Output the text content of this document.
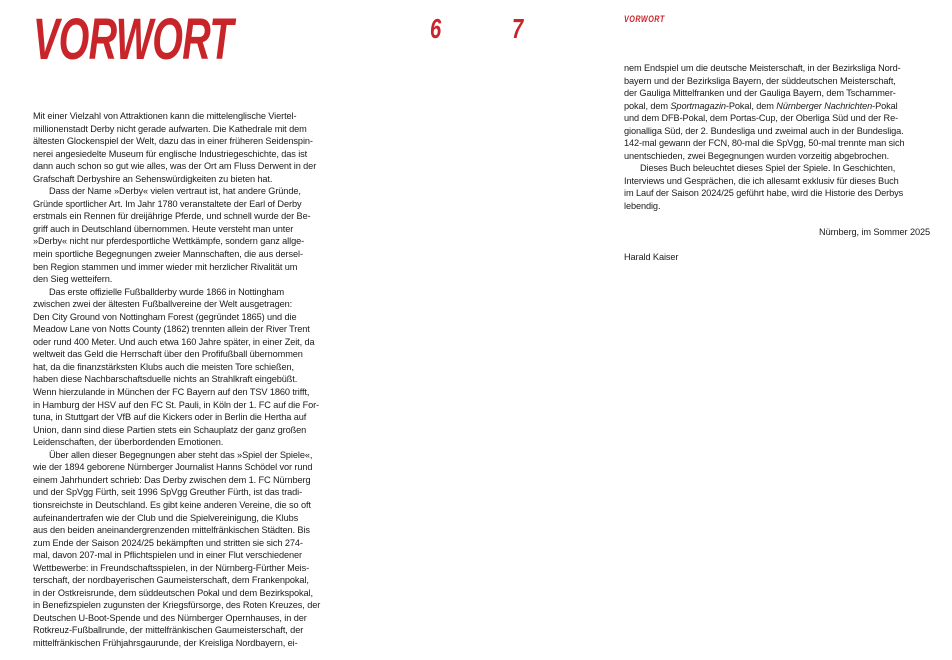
VORWORT	6	7	VORWORT

Mit einer Vielzahl von Attraktionen kann die mittelenglische Viertel-

millionenstadt Derby nicht gerade aufwarten. Die Kathedrale mit dem

ältesten Glockenspiel der Welt, dazu das in einer früheren Seidenspin-

nerei angesiedelte Museum für englische Industriegeschichte, das ist

dann auch schon so gut wie alles, was der Ort am Fluss Derwent in der

Grafschaft Derbyshire an Sehenswürdigkeiten zu bieten hat.

Dass der Name »Derby« vielen vertraut ist, hat andere Gründe,

Gründe sportlicher Art. Im Jahr 1780 veranstaltete der Earl of Derby

erstmals ein Rennen für dreijährige Pferde, und schnell wurde der Be-

griff auch in Deutschland übernommen. Heute versteht man unter

»Derby« nicht nur pferdesportliche Wettkämpfe, sondern ganz allge-

mein sportliche Begegnungen zweier Mannschaften, die aus dersel-

ben Region stammen und immer wieder mit herzlicher Rivalität um

den Sieg wetteifern.

Das erste offizielle Fußballderby wurde 1866 in Nottingham

zwischen zwei der ältesten Fußballvereine der Welt ausgetragen:

Den City Ground von Nottingham Forest (gegründet 1865) und die

Meadow Lane von Notts County (1862) trennten allein der River Trent

oder rund 400 Meter. Und auch etwa 160 Jahre später, in einer Zeit, da

weltweit das Geld die Herrschaft über den Profifußball übernommen

hat, da die finanzstärksten Klubs auch die meisten Tore schießen,

haben diese Nachbarschaftsduelle nichts an Strahlkraft eingebüßt.

Wenn hierzulande in München der FC Bayern auf den TSV 1860 trifft,

in Hamburg der HSV auf den FC St. Pauli, in Köln der 1. FC auf die For-

tuna, in Stuttgart der VfB auf die Kickers oder in Berlin die Hertha auf

Union, dann sind diese Partien stets ein Schauplatz der ganz großen

Leidenschaften, der überbordenden Emotionen.

Über allen dieser Begegnungen aber steht das »Spiel der Spiele«,

wie der 1894 geborene Nürnberger Journalist Hanns Schödel vor rund

einem Jahrhundert schrieb: Das Derby zwischen dem 1. FC Nürnberg

und der SpVgg Fürth, seit 1996 SpVgg Greuther Fürth, ist das tradi-

tionsreichste in Deutschland. Es gibt keine anderen Vereine, die so oft

aufeinandertrafen wie der Club und die Spielvereinigung, die Klubs

aus den beiden aneinandergrenzenden mittelfränkischen Städten. Bis

zum Ende der Saison 2024/25 bekämpften und stritten sie sich 274-

mal, davon 207-mal in Pflichtspielen und in einer Flut verschiedener

Wettbewerbe: in Freundschaftsspielen, in der Nürnberg-Fürther Meis-

terschaft, der nordbayerischen Gaumeisterschaft, dem Frankenpokal,

in der Ostkreisrunde, dem süddeutschen Pokal und dem Bezirkspokal,

in Benefizspielen zugunsten der Kriegsfürsorge, des Roten Kreuzes, der

Deutschen U-Boot-Spende und des Nürnberger Opernhauses, in der

Rotkreuz-Fußballrunde, der mittelfränkischen Gaumeisterschaft, der

mittelfränkischen Frühjahrsgaurunde, der Kreisliga Nordbayern, ei-

nem Endspiel um die deutsche Meisterschaft, in der Bezirksliga Nord-

bayern und der Bezirksliga Bayern, der süddeutschen Meisterschaft,

der Gauliga Mittelfranken und der Gauliga Bayern, dem Tschammer-

pokal, dem Sportmagazin-Pokal, dem Nürnberger Nachrichten-Pokal

und dem DFB-Pokal, dem Portas-Cup, der Oberliga Süd und der Re-

gionalliga Süd, der 2. Bundesliga und zweimal auch in der Bundesliga.

142-mal gewann der FCN, 80-mal die SpVgg, 50-mal trennte man sich

unentschieden, zwei Begegnungen wurden vorzeitig abgebrochen.

Dieses Buch beleuchtet dieses Spiel der Spiele. In Geschichten,

Interviews und Gesprächen, die ich allesamt exklusiv für dieses Buch

im Lauf der Saison 2024/25 geführt habe, wird die Historie des Derbys

lebendig.

Nürnberg, im Sommer 2025

Harald Kaiser
